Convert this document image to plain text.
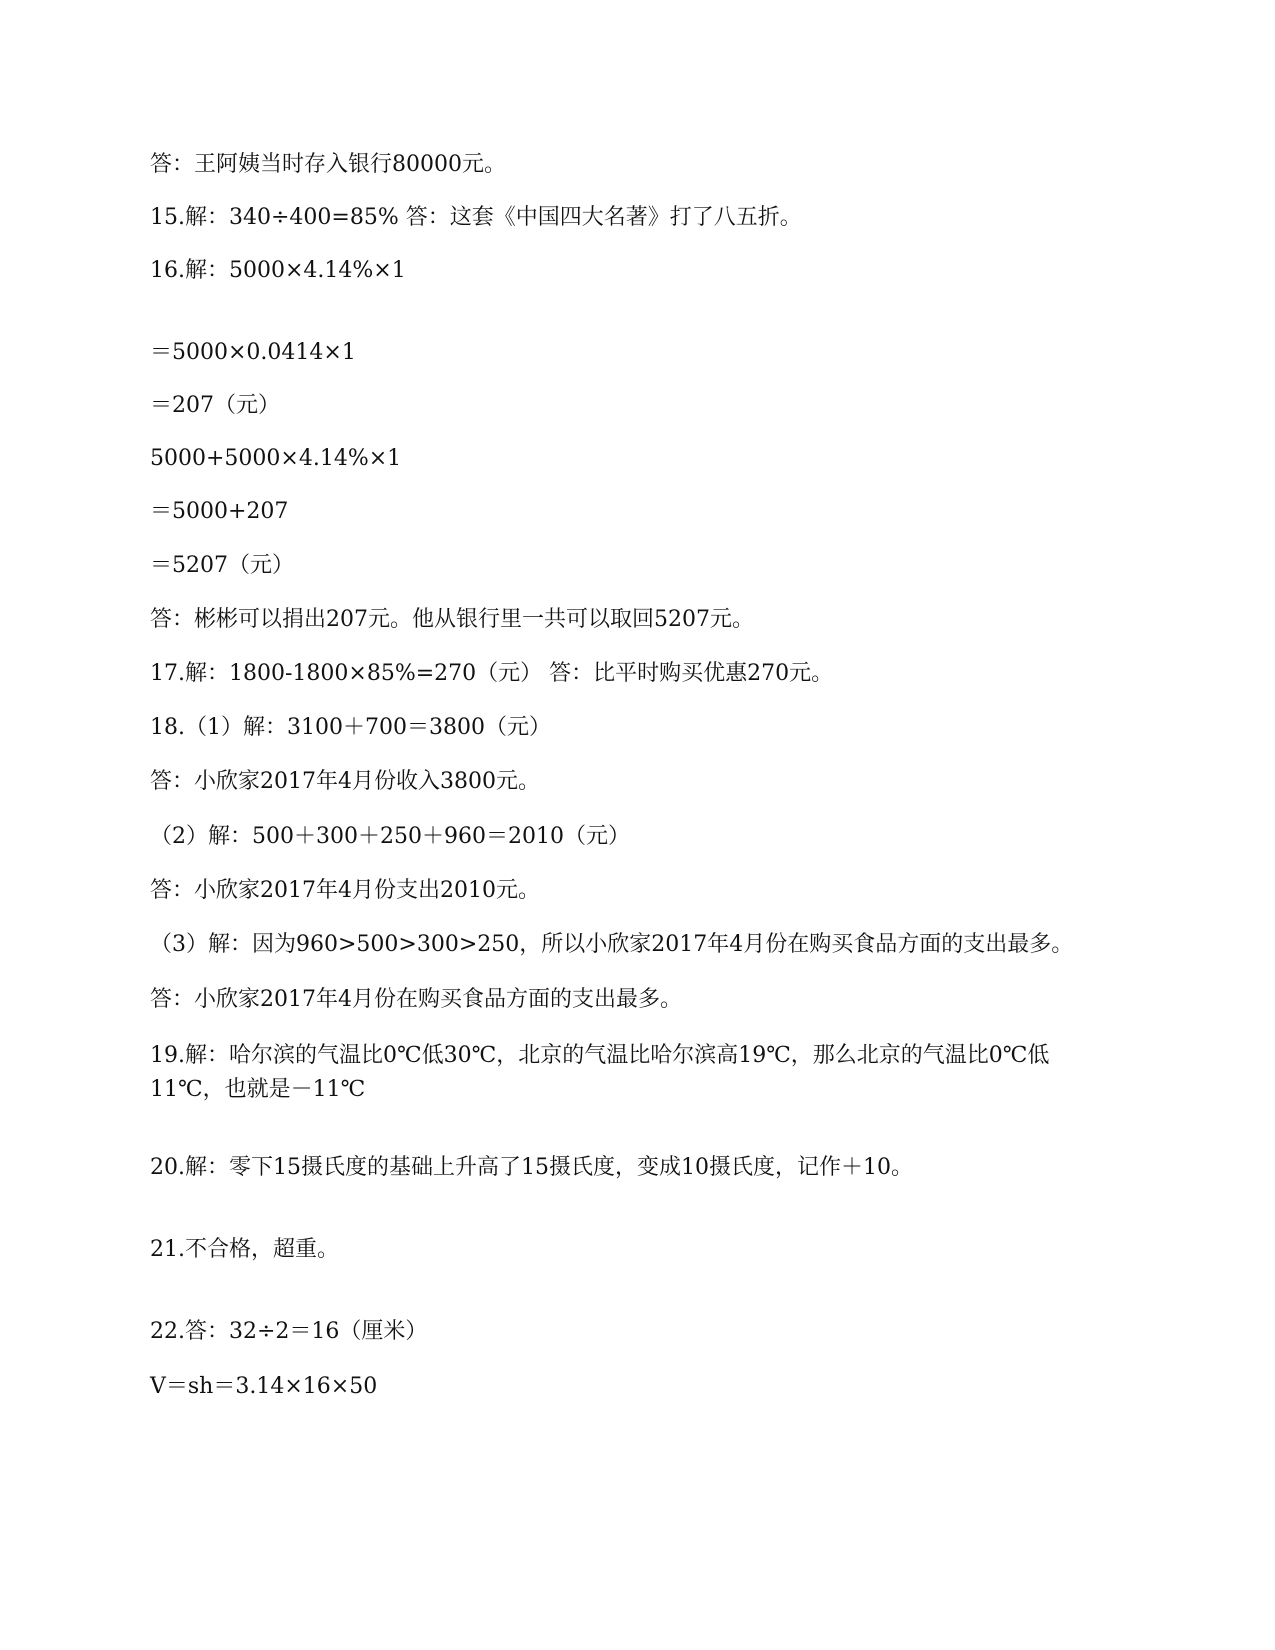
答：王阿姨当时存入银行80000元。
15.解：340÷400=85% 答：这套《中国四大名著》打了八五折。
16.解：5000×4.14%×1
＝5000×0.0414×1
＝207（元）
5000+5000×4.14%×1
＝5000+207
＝5207（元）
答：彬彬可以捐出207元。他从银行里一共可以取回5207元。
17.解：1800-1800×85%=270（元） 答：比平时购买优惠270元。
18.（1）解：3100＋700＝3800（元）
答：小欣家2017年4月份收入3800元。
（2）解：500＋300＋250＋960＝2010（元）
答：小欣家2017年4月份支出2010元。
（3）解：因为960>500>300>250，所以小欣家2017年4月份在购买食品方面的支出最多。
答：小欣家2017年4月份在购买食品方面的支出最多。
19.解：哈尔滨的气温比0℃低30℃，北京的气温比哈尔滨高19℃，那么北京的气温比0℃低11℃，也就是－11℃
20.解：零下15摄氏度的基础上升高了15摄氏度，变成10摄氏度，记作＋10。
21.不合格，超重。
22.答：32÷2＝16（厘米）
V＝sh＝3.14×16×50
